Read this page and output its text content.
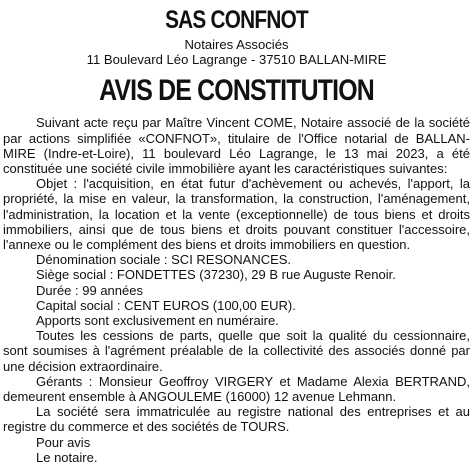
SAS CONFNOT
Notaires Associés
11 Boulevard Léo Lagrange - 37510 BALLAN-MIRE
AVIS DE CONSTITUTION

Suivant acte reçu par Maître Vincent COME, Notaire associé de la société par actions simplifiée «CONFNOT», titulaire de l'Office notarial de BALLAN-MIRE (Indre-et-Loire), 11 boulevard Léo Lagrange, le 13 mai 2023, a été constituée une société civile immobilière ayant les caractéristiques suivantes:

Objet : l'acquisition, en état futur d'achèvement ou achevés, l'apport, la propriété, la mise en valeur, la transformation, la construction, l'aménagement, l'administration, la location et la vente (exceptionnelle) de tous biens et droits immobiliers, ainsi que de tous biens et droits pouvant constituer l'accessoire, l'annexe ou le complément des biens et droits immobiliers en question.

Dénomination sociale : SCI RESONANCES.
Siège social : FONDETTES (37230), 29 B rue Auguste Renoir.
Durée : 99 années
Capital social : CENT EUROS (100,00 EUR).
Apports sont exclusivement en numéraire.

Toutes les cessions de parts, quelle que soit la qualité du cessionnaire, sont soumises à l'agrément préalable de la collectivité des associés donné par une décision extraordinaire.

Gérants : Monsieur Geoffroy VIRGERY et Madame Alexia BERTRAND, demeurent ensemble à ANGOULEME (16000) 12 avenue Lehmann.

La société sera immatriculée au registre national des entreprises et au registre du commerce et des sociétés de TOURS.

Pour avis
Le notaire.
